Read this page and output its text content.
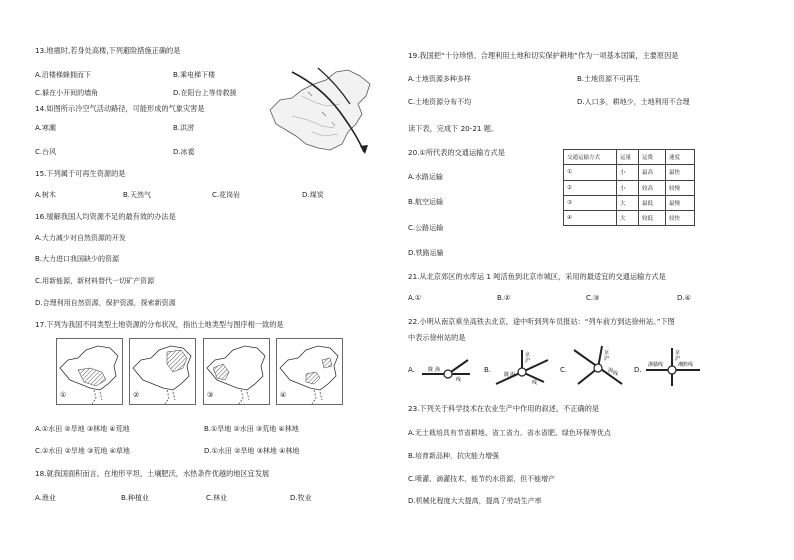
13.地震时,若身处高楼,下列避险措施正确的是
A.沿楼梯蜂拥而下	B.乘电梯下楼
C.躲在小开间的墙角	D.在阳台上等待救援
14.如图所示冷空气活动路径，可能形成的气象灾害是
A.寒潮	B.洪涝
C.台风	D.冰雹
15.下列属于可再生资源的是
A.树木	B.天然气	C.花岗岩	D.煤炭
16.缓解我国人均资源不足的最有效的办法是
A.大力减少对自然资源的开发
B.大力进口我国缺少的资源
C.用新能源，新材料替代一切矿产资源
D.合理利用自然资源，保护资源，探索新资源
17.下列为我国不同类型土地资源的分布状况，指出土地类型与图序相一致的是
①	②	③	④
A.①水田 ②旱地 ③林地 ④荒地	B.①旱地 ②水田 ③荒地 ④林地
C.①水田 ②旱地 ③荒地 ④草地	D.①水田 ②旱地 ③林地 ④林地
18.就我国面积而言，在地形平坦，土壤肥沃，水热条件优越的地区宜发展
A.渔业	B.种植业	C.林业	D.牧业
19.我国把“十分珍惜、合理利用土地和切实保护耕地”作为一项基本国策，主要原因是
A.土地资源多种多样	B.土地资源不可再生
C.土地资源分布不均	D.人口多，耕地少，土地利用不合理
读下表，完成下 20-21 题。
20.①所代表的交通运输方式是
A.水路运输
B.航空运输
C.公路运输
D.铁路运输
交通运输方式	运量	运费	速度
①	小	最高	最快
②	小	较高	较慢
③	大	最低	最慢
④	大	较低	较快
21.从北京郊区的水库运 1 吨活鱼到北京市城区，采用的最适宜的交通运输方式是
A.①	B.②	C.③	D.④
22.小明从南京乘坐高铁去北京，途中听到列车员报站：“列车前方到达徐州站。”下图
中表示徐州站的是
A.	陇 海
线
B.
京
沪
陇 海
线
C.
京
沪
海 线 D.
京
沪
浙赣线	湘黔线
23.下列关于科学技术在农业生产中作用的叙述，不正确的是
A.无土栽培具有节省耕地、省工省力、省水省肥、绿色环保等优点
B.培育新品种，抗灾能力增强
C.喷灌、滴灌技术，能节约水资源，但不能增产
D.机械化程度大大提高，提高了劳动生产率
